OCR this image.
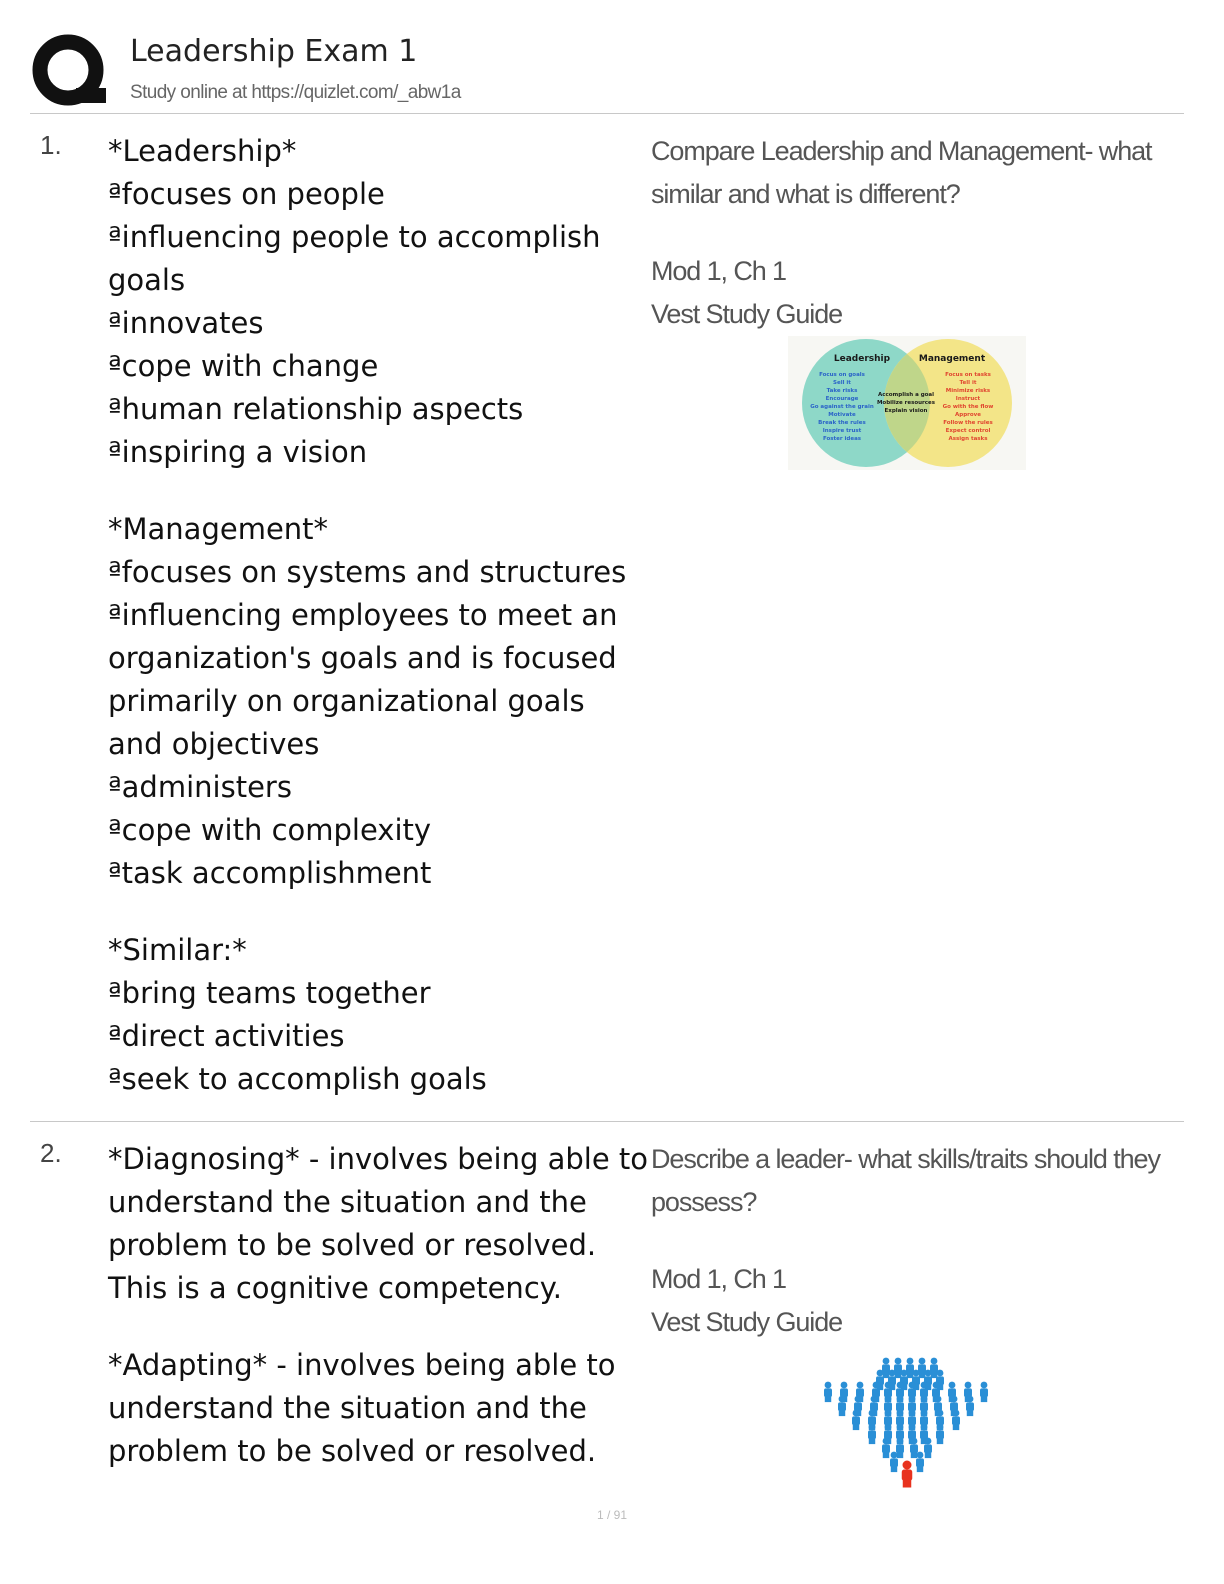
Leadership Exam 1
Study online at https://quizlet.com/_abw1a
1. *Leadership*
ªfocuses on people
ªinfluencing people to accomplish goals
ªinnovates
ªcope with change
ªhuman relationship aspects
ªinspiring a vision
*Management*
ªfocuses on systems and structures
ªinfluencing employees to meet an organization's goals and is focused primarily on organizational goals and objectives
ªadministers
ªcope with complexity
ªtask accomplishment
*Similar:*
ªbring teams together
ªdirect activities
ªseek to accomplish goals
Compare Leadership and Management- what similar and what is different?
Mod 1, Ch 1
Vest Study Guide
Leadership	Management
Focus on goals
Sell it
Take risks
Encourage
Go against the grain
Motivate
Break the rules
Inspire trust
Foster ideas
Accomplish a goal
Mobilize resources
Explain vision
Focus on tasks
Tell it
Minimize risks
Instruct
Go with the flow
Approve
Follow the rules
Expect control
Assign tasks
2. *Diagnosing* - involves being able to understand the situation and the problem to be solved or resolved. This is a cognitive competency.
*Adapting* - involves being able to understand the situation and the problem to be solved or resolved.
Describe a leader- what skills/traits should they possess?
Mod 1, Ch 1
Vest Study Guide
1 / 91
